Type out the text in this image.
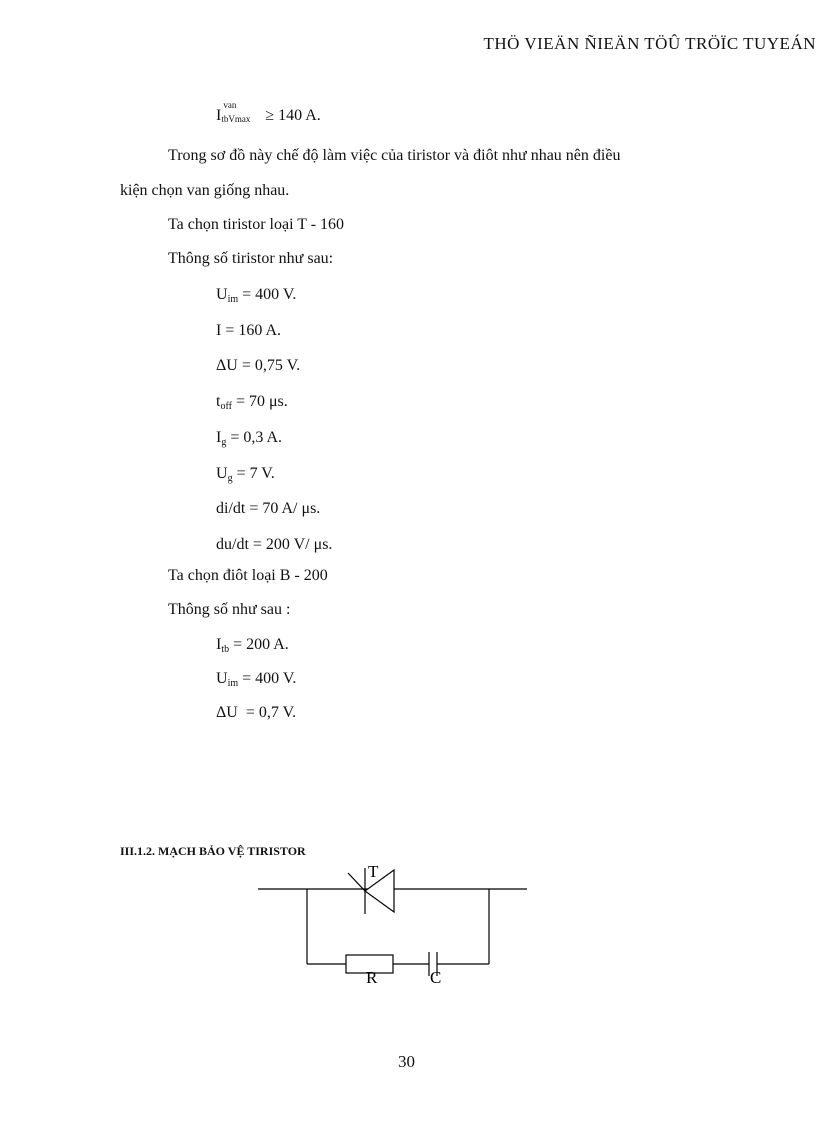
THÖ VIEÄN ÑIEÄN TÖÛ TRÖÏC TUYEÁN
I
van
tbVmax ≥ 140 A.
Trong sơ đồ này chế độ làm việc của tiristor và điôt như nhau nên điều
kiện chọn van giống nhau.
Ta chọn tiristor loại T - 160
Thông số tiristor như sau:
$U_{im} = 400$ V.
I = 160 A.
ΔU = 0,75 V.
$t_{off} = 70$ μs.
$I_g = 0,3$ A.
$U_g = 7$ V.
di/dt = 70 A/ μs.
du/dt = 200 V/ μs.
Ta chọn điôt loại B - 200
Thông số như sau :
$I_{tb} = 200$ A.
$U_{im} = 400$ V.
ΔU  = 0,7 V.
III.1.2. MẠCH BẢO VỆ TIRISTOR
T
R	C
30
